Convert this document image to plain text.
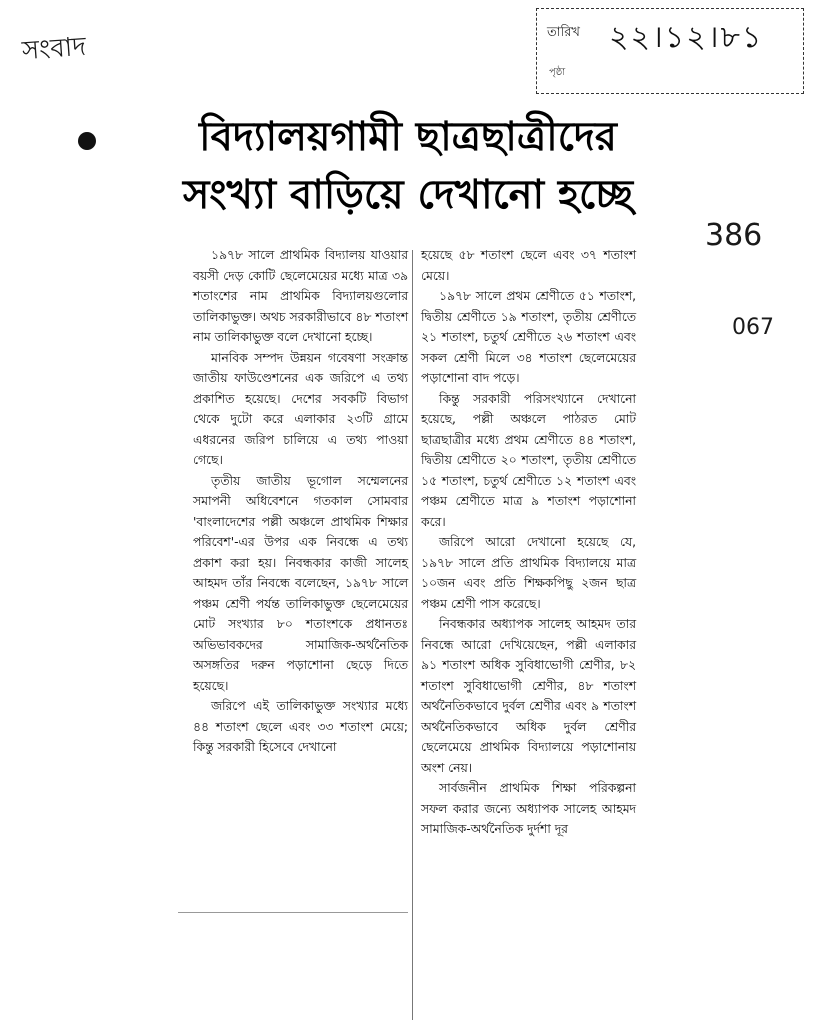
সংবাদ	তারিখ ২২।১২।৮১
পৃষ্ঠা
386
067
বিদ্যালয়গামী ছাত্রছাত্রীদের সংখ্যা বাড়িয়ে দেখানো হচ্ছে

১৯৭৮ সালে প্রাথমিক বিদ্যালয় যাওয়ার বয়সী দেড় কোটি ছেলেমেয়ের মধ্যে মাত্র ৩৯ শতাংশের নাম প্রাথমিক বিদ্যালয়গুলোর তালিকাভুক্ত। অথচ সরকারীভাবে ৪৮ শতাংশ নাম তালিকাভুক্ত বলে দেখানো হচ্ছে।

মানবিক সম্পদ উন্নয়ন গবেষণা সংক্রান্ত জাতীয় ফাউণ্ডেশনের এক জরিপে এ তথ্য প্রকাশিত হয়েছে। দেশের সবকটি বিভাগ থেকে দুটো করে এলাকার ২৩টি গ্রামে এধরনের জরিপ চালিয়ে এ তথ্য পাওয়া গেছে।

তৃতীয় জাতীয় ভূগোল সম্মেলনের সমাপনী অধিবেশনে গতকাল সোমবার 'বাংলাদেশের পল্লী অঞ্চলে প্রাথমিক শিক্ষার পরিবেশ'-এর উপর এক নিবন্ধে এ তথ্য প্রকাশ করা হয়। নিবন্ধকার কাজী সালেহ আহমদ তাঁর নিবন্ধে বলেছেন, ১৯৭৮ সালে পঞ্চম শ্রেণী পর্যন্ত তালিকাভুক্ত ছেলেমেয়ের মোট সংখ্যার ৮০ শতাংশকে প্রধানতঃ অভিভাবকদের সামাজিক-অর্থনৈতিক অসঙ্গতির দরুন পড়াশোনা ছেড়ে দিতে হয়েছে।

জরিপে এই তালিকাভুক্ত সংখ্যার মধ্যে ৪৪ শতাংশ ছেলে এবং ৩৩ শতাংশ মেয়ে; কিন্তু সরকারী হিসেবে দেখানো

হয়েছে ৫৮ শতাংশ ছেলে এবং ৩৭ শতাংশ মেয়ে।

১৯৭৮ সালে প্রথম শ্রেণীতে ৫১ শতাংশ, দ্বিতীয় শ্রেণীতে ১৯ শতাংশ, তৃতীয় শ্রেণীতে ২১ শতাংশ, চতুর্থ শ্রেণীতে ২৬ শতাংশ এবং সকল শ্রেণী মিলে ৩৪ শতাংশ ছেলেমেয়ের পড়াশোনা বাদ পড়ে।

কিন্তু সরকারী পরিসংখ্যানে দেখানো হয়েছে, পল্লী অঞ্চলে পাঠরত মোট ছাত্রছাত্রীর মধ্যে প্রথম শ্রেণীতে ৪৪ শতাংশ, দ্বিতীয় শ্রেণীতে ২০ শতাংশ, তৃতীয় শ্রেণীতে ১৫ শতাংশ, চতুর্থ শ্রেণীতে ১২ শতাংশ এবং পঞ্চম শ্রেণীতে মাত্র ৯ শতাংশ পড়াশোনা করে।

জরিপে আরো দেখানো হয়েছে যে, ১৯৭৮ সালে প্রতি প্রাথমিক বিদ্যালয়ে মাত্র ১০জন এবং প্রতি শিক্ষকপিছু ২জন ছাত্র পঞ্চম শ্রেণী পাস করেছে।

নিবন্ধকার অধ্যাপক সালেহ আহমদ তার নিবন্ধে আরো দেখিয়েছেন, পল্লী এলাকার ৯১ শতাংশ অধিক সুবিধাভোগী শ্রেণীর, ৮২ শতাংশ সুবিধাভোগী শ্রেণীর, ৪৮ শতাংশ অর্থনৈতিকভাবে দুর্বল শ্রেণীর এবং ৯ শতাংশ অর্থনৈতিকভাবে অধিক দুর্বল শ্রেণীর ছেলেমেয়ে প্রাথমিক বিদ্যালয়ে পড়াশোনায় অংশ নেয়।

সার্বজনীন প্রাথমিক শিক্ষা পরিকল্পনা সফল করার জন্যে অধ্যাপক সালেহ আহমদ সামাজিক-অর্থনৈতিক দুর্দশা দূর
